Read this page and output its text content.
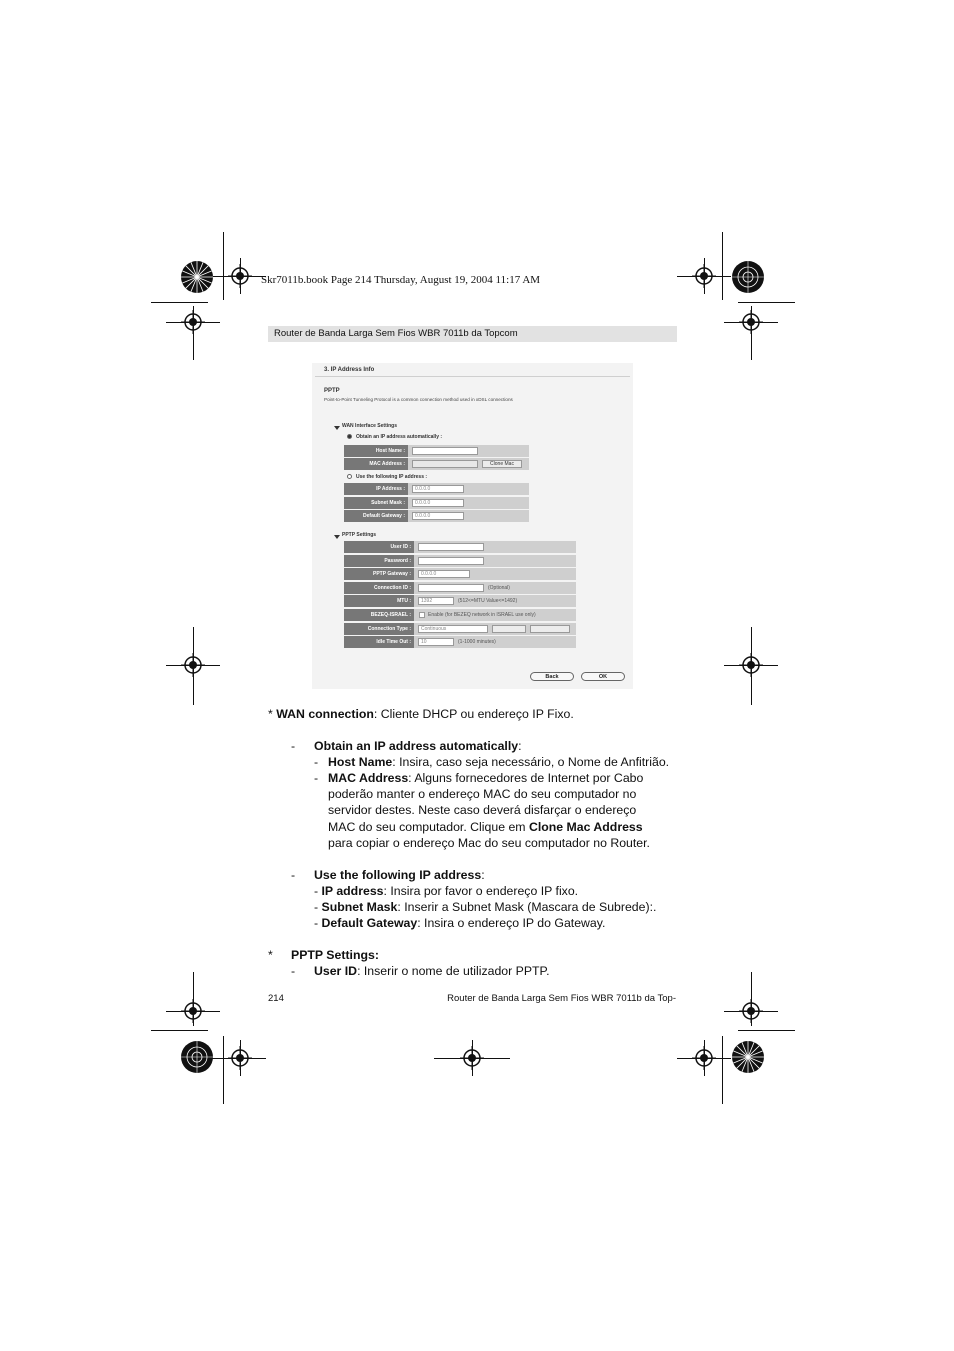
Skr7011b.book Page 214 Thursday, August 19, 2004 11:17 AM
Router de Banda Larga Sem Fios WBR 7011b da Topcom
3. IP Address Info
PPTP
Point-to-Point Tunneling Protocol is a common connection method used in xDSL connections
WAN Interface Settings
Obtain an IP address automatically :
Host Name :
MAC Address :	Clone Mac
Use the following IP address :
IP Address :	0.0.0.0
Subnet Mask :	0.0.0.0
Default Gateway :	0.0.0.0
PPTP Settings
User ID :
Password :
PPTP Gateway :	0.0.0.0
Connection ID :	(Optional)
MTU :	1392	(512<=MTU Value<=1492)
BEZEQ-ISRAEL :	Enable (for BEZEQ network in ISRAEL use only)
Connection Type :	Continuous
Idle Time Out :	10	(1-1000 minutes)
Back	OK
* WAN connection: Cliente DHCP ou endereço IP Fixo.
- Obtain an IP address automatically:
- Host Name: Insira, caso seja necessário, o Nome de Anfitrião.
- MAC Address: Alguns fornecedores de Internet por Cabo
poderão manter o endereço MAC do seu computador no
servidor destes. Neste caso deverá disfarçar o endereço
MAC do seu computador. Clique em Clone Mac Address
para copiar o endereço Mac do seu computador no Router.
- Use the following IP address:
- IP address: Insira por favor o endereço IP fixo.
- Subnet Mask: Inserir a Subnet Mask (Mascara de Subrede):.
- Default Gateway: Insira o endereço IP do Gateway.
* PPTP Settings:
- User ID: Inserir o nome de utilizador PPTP.
214	Router de Banda Larga Sem Fios WBR 7011b da Top-
